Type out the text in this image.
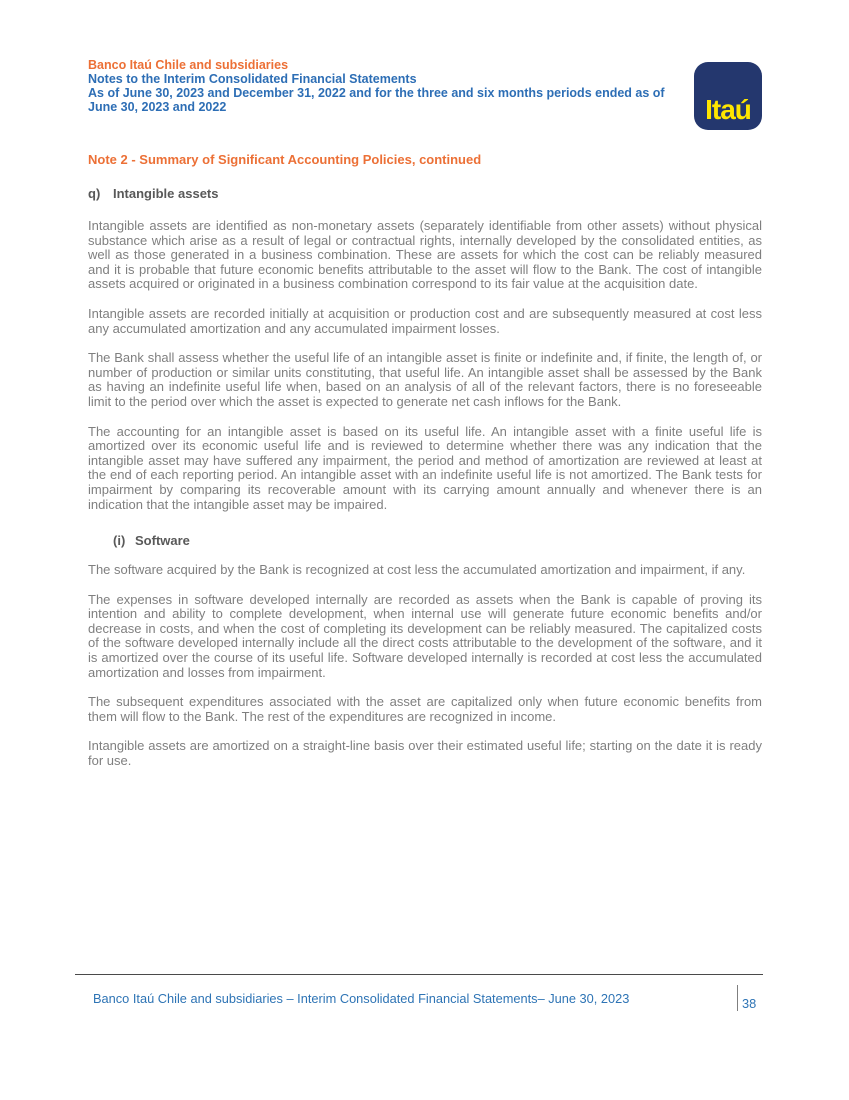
Banco Itaú Chile and subsidiaries
Notes to the Interim Consolidated Financial Statements
As of June 30, 2023 and December 31, 2022 and for the three and six months periods ended as of June 30, 2023 and 2022	Itaú
Note 2 - Summary of Significant Accounting Policies, continued
q) Intangible assets

Intangible assets are identified as non-monetary assets (separately identifiable from other assets) without physical substance which arise as a result of legal or contractual rights, internally developed by the consolidated entities, as well as those generated in a business combination. These are assets for which the cost can be reliably measured and it is probable that future economic benefits attributable to the asset will flow to the Bank. The cost of intangible assets acquired or originated in a business combination correspond to its fair value at the acquisition date.

Intangible assets are recorded initially at acquisition or production cost and are subsequently measured at cost less any accumulated amortization and any accumulated impairment losses.

The Bank shall assess whether the useful life of an intangible asset is finite or indefinite and, if finite, the length of, or number of production or similar units constituting, that useful life. An intangible asset shall be assessed by the Bank as having an indefinite useful life when, based on an analysis of all of the relevant factors, there is no foreseeable limit to the period over which the asset is expected to generate net cash inflows for the Bank.

The accounting for an intangible asset is based on its useful life. An intangible asset with a finite useful life is amortized over its economic useful life and is reviewed to determine whether there was any indication that the intangible asset may have suffered any impairment, the period and method of amortization are reviewed at least at the end of each reporting period. An intangible asset with an indefinite useful life is not amortized. The Bank tests for impairment by comparing its recoverable amount with its carrying amount annually and whenever there is an indication that the intangible asset may be impaired.

(i) Software

The software acquired by the Bank is recognized at cost less the accumulated amortization and impairment, if any.

The expenses in software developed internally are recorded as assets when the Bank is capable of proving its intention and ability to complete development, when internal use will generate future economic benefits and/or decrease in costs, and when the cost of completing its development can be reliably measured. The capitalized costs of the software developed internally include all the direct costs attributable to the development of the software, and it is amortized over the course of its useful life. Software developed internally is recorded at cost less the accumulated amortization and losses from impairment.

The subsequent expenditures associated with the asset are capitalized only when future economic benefits from them will flow to the Bank. The rest of the expenditures are recognized in income.

Intangible assets are amortized on a straight-line basis over their estimated useful life; starting on the date it is ready for use.

Banco Itaú Chile and subsidiaries – Interim Consolidated Financial Statements– June 30, 2023	38
